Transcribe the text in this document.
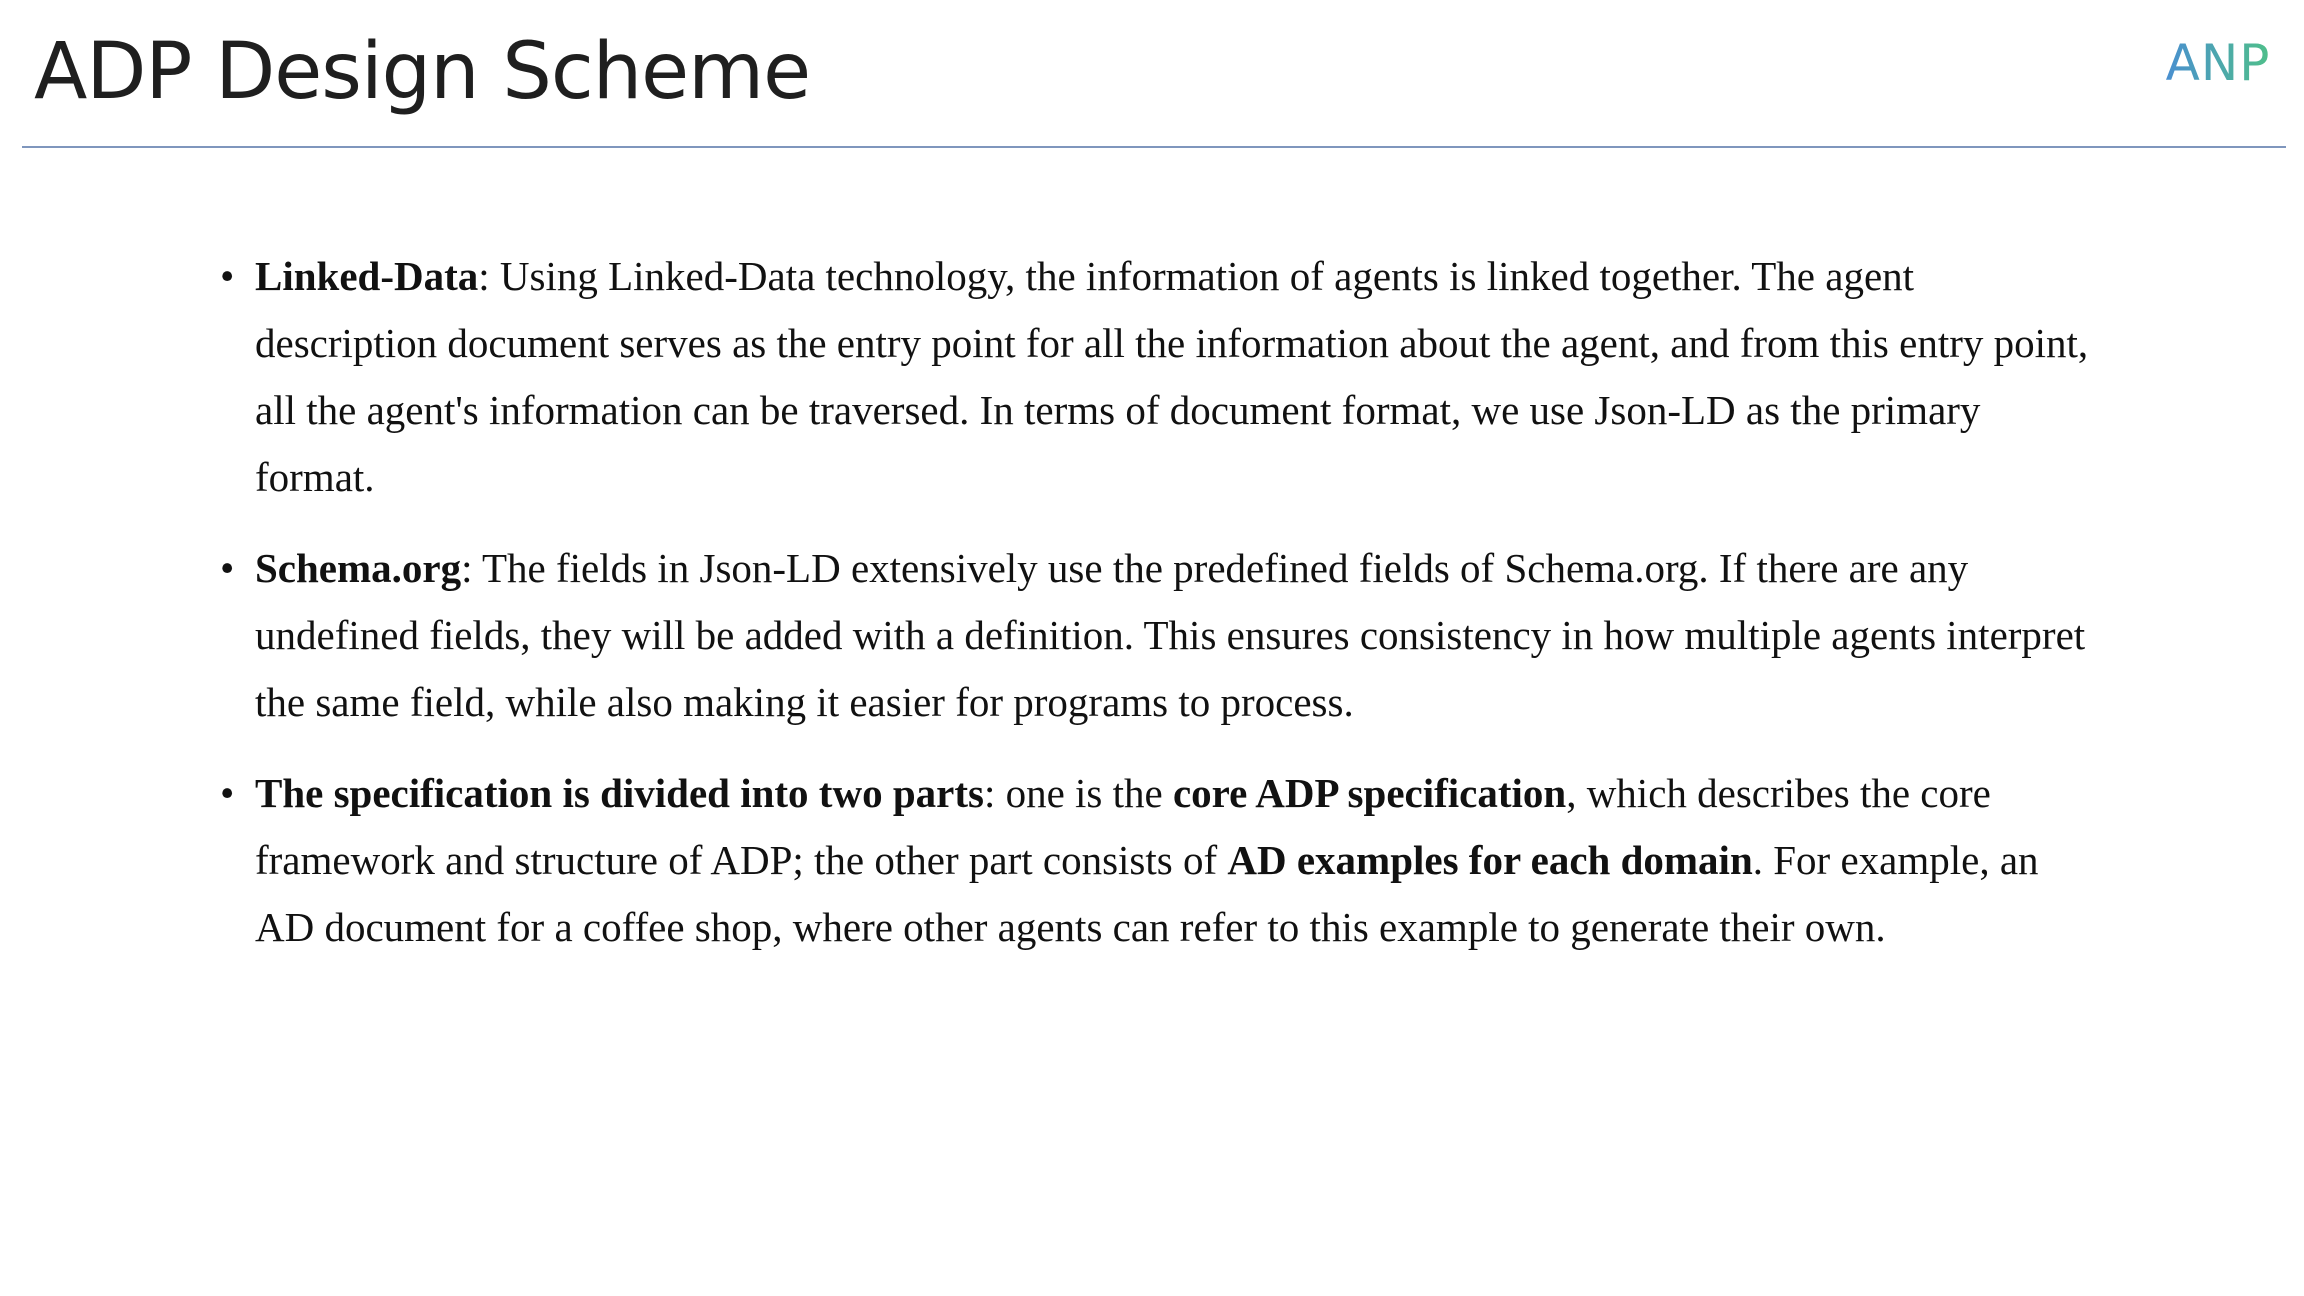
ADP Design Scheme	ANP
• Linked-Data: Using Linked-Data technology, the information of agents is linked together. The agent description document serves as the entry point for all the information about the agent, and from this entry point, all the agent's information can be traversed. In terms of document format, we use Json-LD as the primary format.
• Schema.org: The fields in Json-LD extensively use the predefined fields of Schema.org. If there are any undefined fields, they will be added with a definition. This ensures consistency in how multiple agents interpret the same field, while also making it easier for programs to process.
• The specification is divided into two parts: one is the core ADP specification, which describes the core framework and structure of ADP; the other part consists of AD examples for each domain. For example, an AD document for a coffee shop, where other agents can refer to this example to generate their own.
